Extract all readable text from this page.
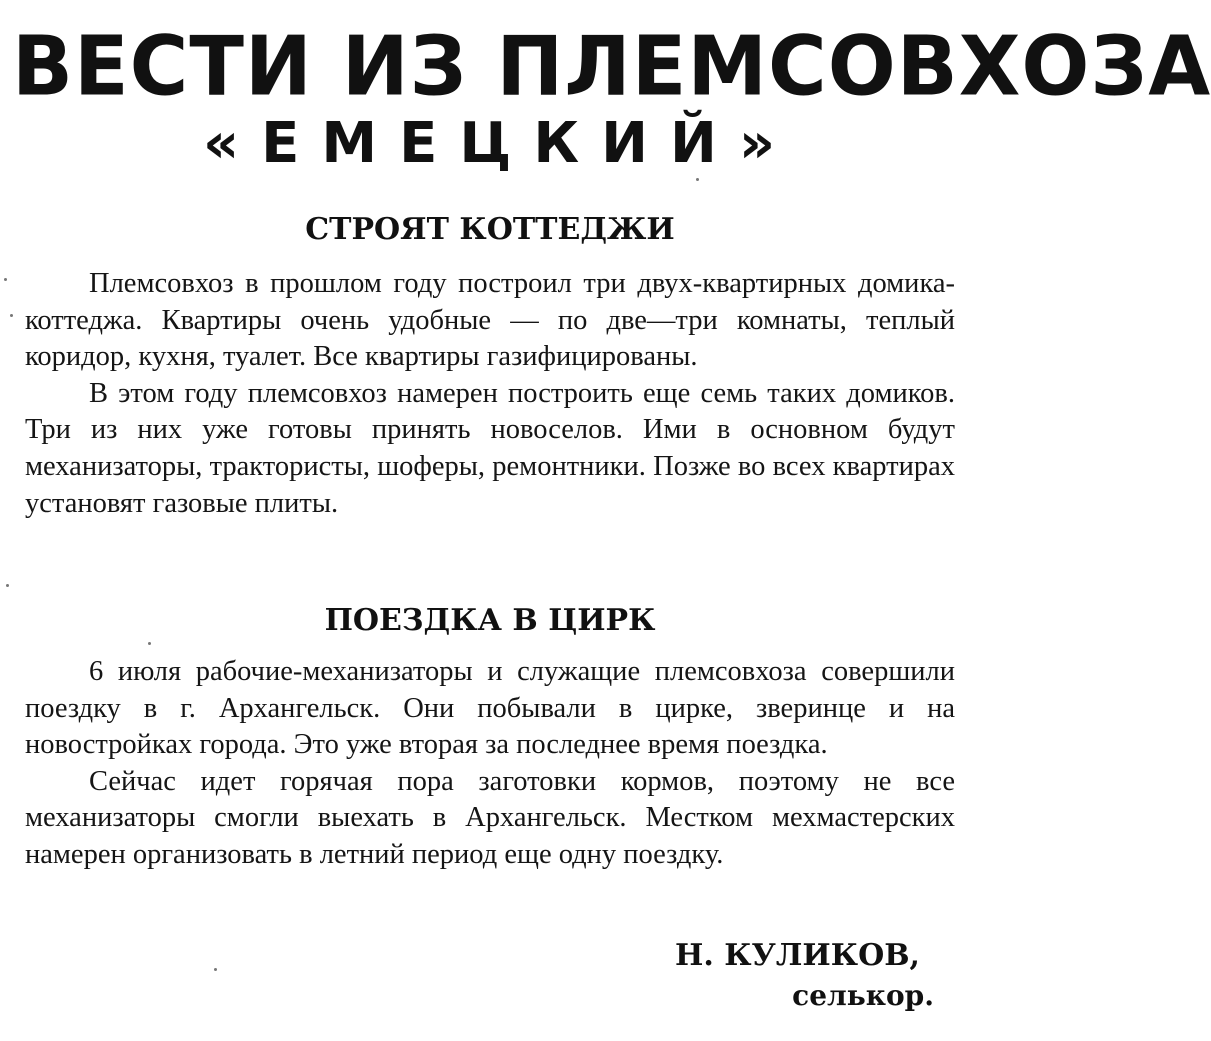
ВЕСТИ ИЗ ПЛЕМСОВХОЗА
«ЕМЕЦКИЙ»
СТРОЯТ КОТТЕДЖИ

Племсовхоз в прошлом году построил три двух-квартирных домика-коттеджа. Квартиры очень удобные — по две—три комнаты, теплый коридор, кухня, туалет. Все квартиры газифицированы.

В этом году племсовхоз намерен построить еще семь таких домиков. Три из них уже готовы принять новоселов. Ими в основном будут механизаторы, трактористы, шоферы, ремонтники. Позже во всех квартирах установят газовые плиты.

ПОЕЗДКА В ЦИРК

6 июля рабочие-механизаторы и служащие племсовхоза совершили поездку в г. Архангельск. Они побывали в цирке, зверинце и на новостройках города. Это уже вторая за последнее время поездка.

Сейчас идет горячая пора заготовки кормов, поэтому не все механизаторы смогли выехать в Архангельск. Местком мехмастерских намерен организовать в летний период еще одну поездку.

Н. КУЛИКОВ,
селькор.
